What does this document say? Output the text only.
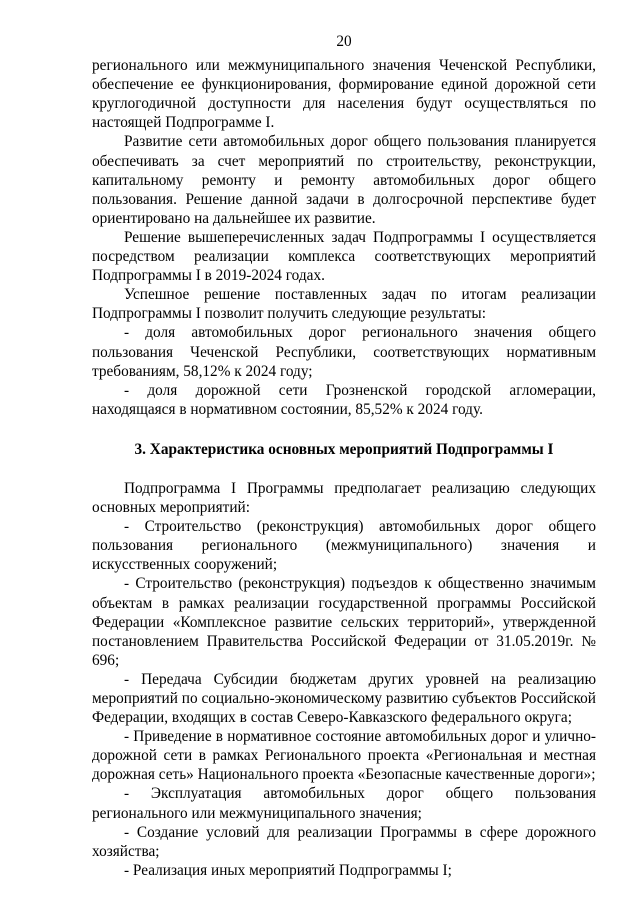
20

регионального или межмуниципального значения Чеченской Республики, обеспечение ее функционирования, формирование единой дорожной сети круглогодичной доступности для населения будут осуществляться по настоящей Подпрограмме I.

Развитие сети автомобильных дорог общего пользования планируется обеспечивать за счет мероприятий по строительству, реконструкции, капитальному ремонту и ремонту автомобильных дорог общего пользования. Решение данной задачи в долгосрочной перспективе будет ориентировано на дальнейшее их развитие.

Решение вышеперечисленных задач Подпрограммы I осуществляется посредством реализации комплекса соответствующих мероприятий Подпрограммы I в 2019-2024 годах.

Успешное решение поставленных задач по итогам реализации Подпрограммы I позволит получить следующие результаты:

- доля автомобильных дорог регионального значения общего пользования Чеченской Республики, соответствующих нормативным требованиям, 58,12% к 2024 году;

- доля дорожной сети Грозненской городской агломерации, находящаяся в нормативном состоянии, 85,52% к 2024 году.

3. Характеристика основных мероприятий Подпрограммы I

Подпрограмма I Программы предполагает реализацию следующих основных мероприятий:

- Строительство (реконструкция) автомобильных дорог общего пользования регионального (межмуниципального) значения и искусственных сооружений;

- Строительство (реконструкция) подъездов к общественно значимым объектам в рамках реализации государственной программы Российской Федерации «Комплексное развитие сельских территорий», утвержденной постановлением Правительства Российской Федерации от 31.05.2019г. № 696;

- Передача Субсидии бюджетам других уровней на реализацию мероприятий по социально-экономическому развитию субъектов Российской Федерации, входящих в состав Северо-Кавказского федерального округа;

- Приведение в нормативное состояние автомобильных дорог и улично-дорожной сети в рамках Регионального проекта «Региональная и местная дорожная сеть» Национального проекта «Безопасные качественные дороги»;

- Эксплуатация автомобильных дорог общего пользования регионального или межмуниципального значения;

- Создание условий для реализации Программы в сфере дорожного хозяйства;

- Реализация иных мероприятий Подпрограммы I;
